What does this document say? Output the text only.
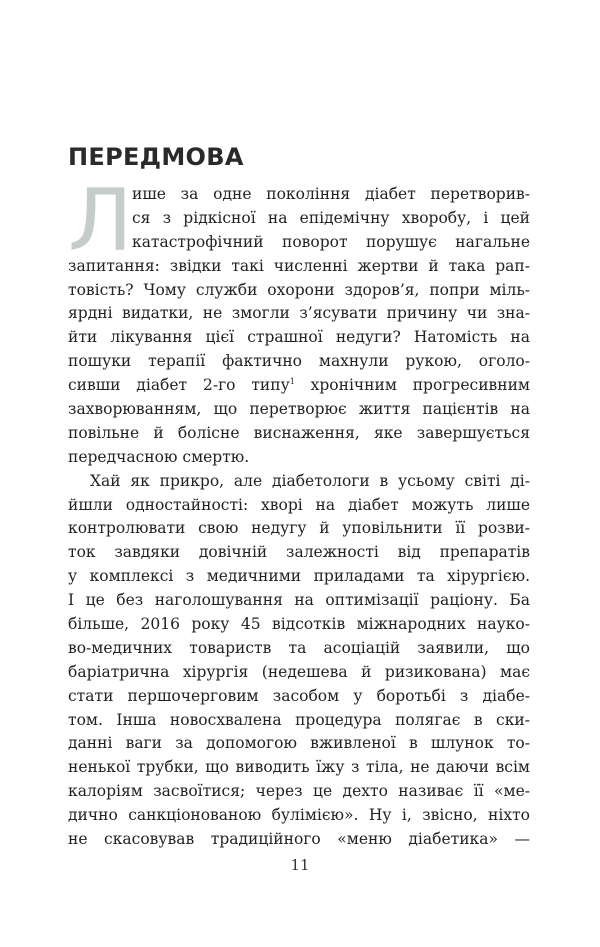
ПЕРЕДМОВА
Л ише за одне покоління діабет перетворив-
ся з рідкісної на епідемічну хворобу, і цей
катастрофічний поворот порушує нагальне
запитання: звідки такі численні жертви й така рап-
товість? Чому служби охорони здоров’я, попри міль-
ярдні видатки, не змогли з’ясувати причину чи зна-
йти лікування цієї страшної недуги? Натомість на
пошуки терапії фактично махнули рукою, оголо-
сивши діабет 2-го типу$^1$ хронічним прогресивним
захворюванням, що перетворює життя пацієнтів на
повільне й болісне виснаження, яке завершується
передчасною смертю.
Хай як прикро, але діабетологи в усьому світі ді-
йшли одностайності: хворі на діабет можуть лише
контролювати свою недугу й уповільнити її розви-
ток завдяки довічній залежності від препаратів
у комплексі з медичними приладами та хірургією.
І це без наголошування на оптимізації раціону. Ба
більше, 2016 року 45 відсотків міжнародних науко-
во-медичних товариств та асоціацій заявили, що
баріатрична хірургія (недешева й ризикована) має
стати першочерговим засобом у боротьбі з діабе-
том. Інша новосхвалена процедура полягає в ски-
данні ваги за допомогою вживленої в шлунок то-
ненької трубки, що виводить їжу з тіла, не даючи всім
калоріям засвоїтися; через це дехто називає її «ме-
дично санкціонованою булімією». Ну і, звісно, ніхто
не скасовував традиційного «меню діабетика» —
11
